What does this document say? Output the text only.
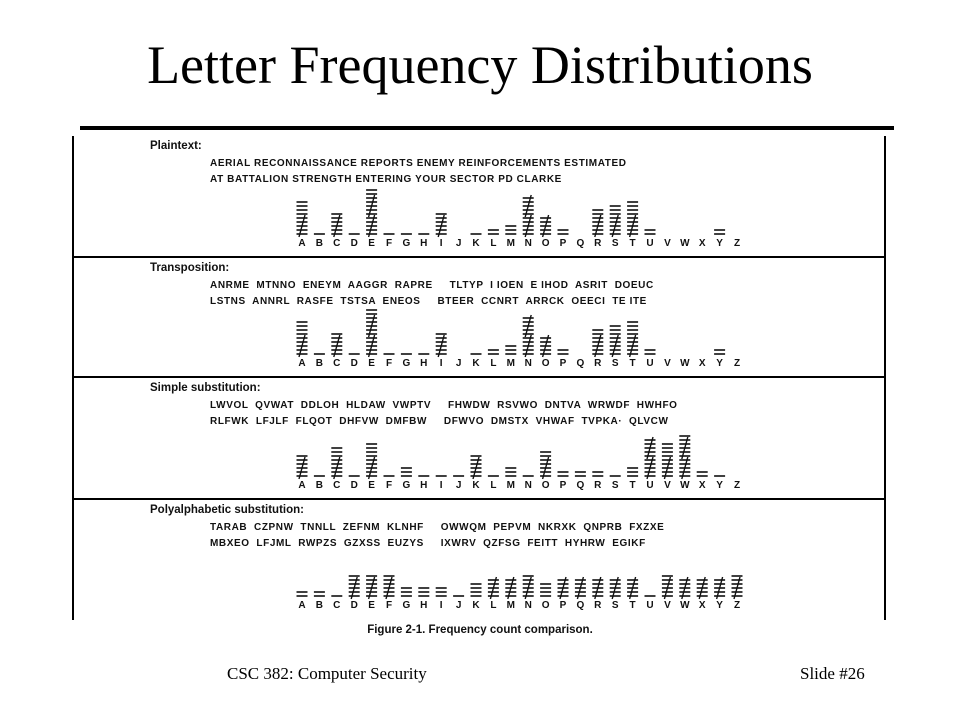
Letter Frequency Distributions
Plaintext:
AERIAL RECONNAISSANCE REPORTS ENEMY REINFORCEMENTS ESTIMATED
AT BATTALION STRENGTH ENTERING YOUR SECTOR PD CLARKE
A B C D E F G H I J K L M N O P Q R S T U V W X Y Z
Transposition:
ANRME  MTNNO  ENEYM  AAGGR  RAPRE     TLTYP  I IOEN  E IHOD  ASRIT  DOEUC
LSTNS  ANNRL  RASFE  TSTSA  ENEOS     BTEER  CCNRT  ARRCK  OEECI  TE ITE
A B C D E F G H I J K L M N O P Q R S T U V W X Y Z
Simple substitution:
LWVOL  QVWAT  DDLOH  HLDAW  VWPTV     FHWDW  RSVWO  DNTVA  WRWDF  HWHFO
RLFWK  LFJLF  FLQOT  DHFVW  DMFBW     DFWVO  DMSTX  VHWAF  TVPKA·  QLVCW
A B C D E F G H I J K L M N O P Q R S T U V W X Y Z
Polyalphabetic substitution:
TARAB  CZPNW  TNNLL  ZEFNM  KLNHF     OWWQM  PEPVM  NKRXK  QNPRB  FXZXE
MBXEO  LFJML  RWPZS  GZXSS  EUZYS     IXWRV  QZFSG  FEITT  HYHRW  EGIKF
A B C D E F G H I J K L M N O P Q R S T U V W X Y Z
Figure 2-1. Frequency count comparison.
CSC 382: Computer Security	Slide #26
